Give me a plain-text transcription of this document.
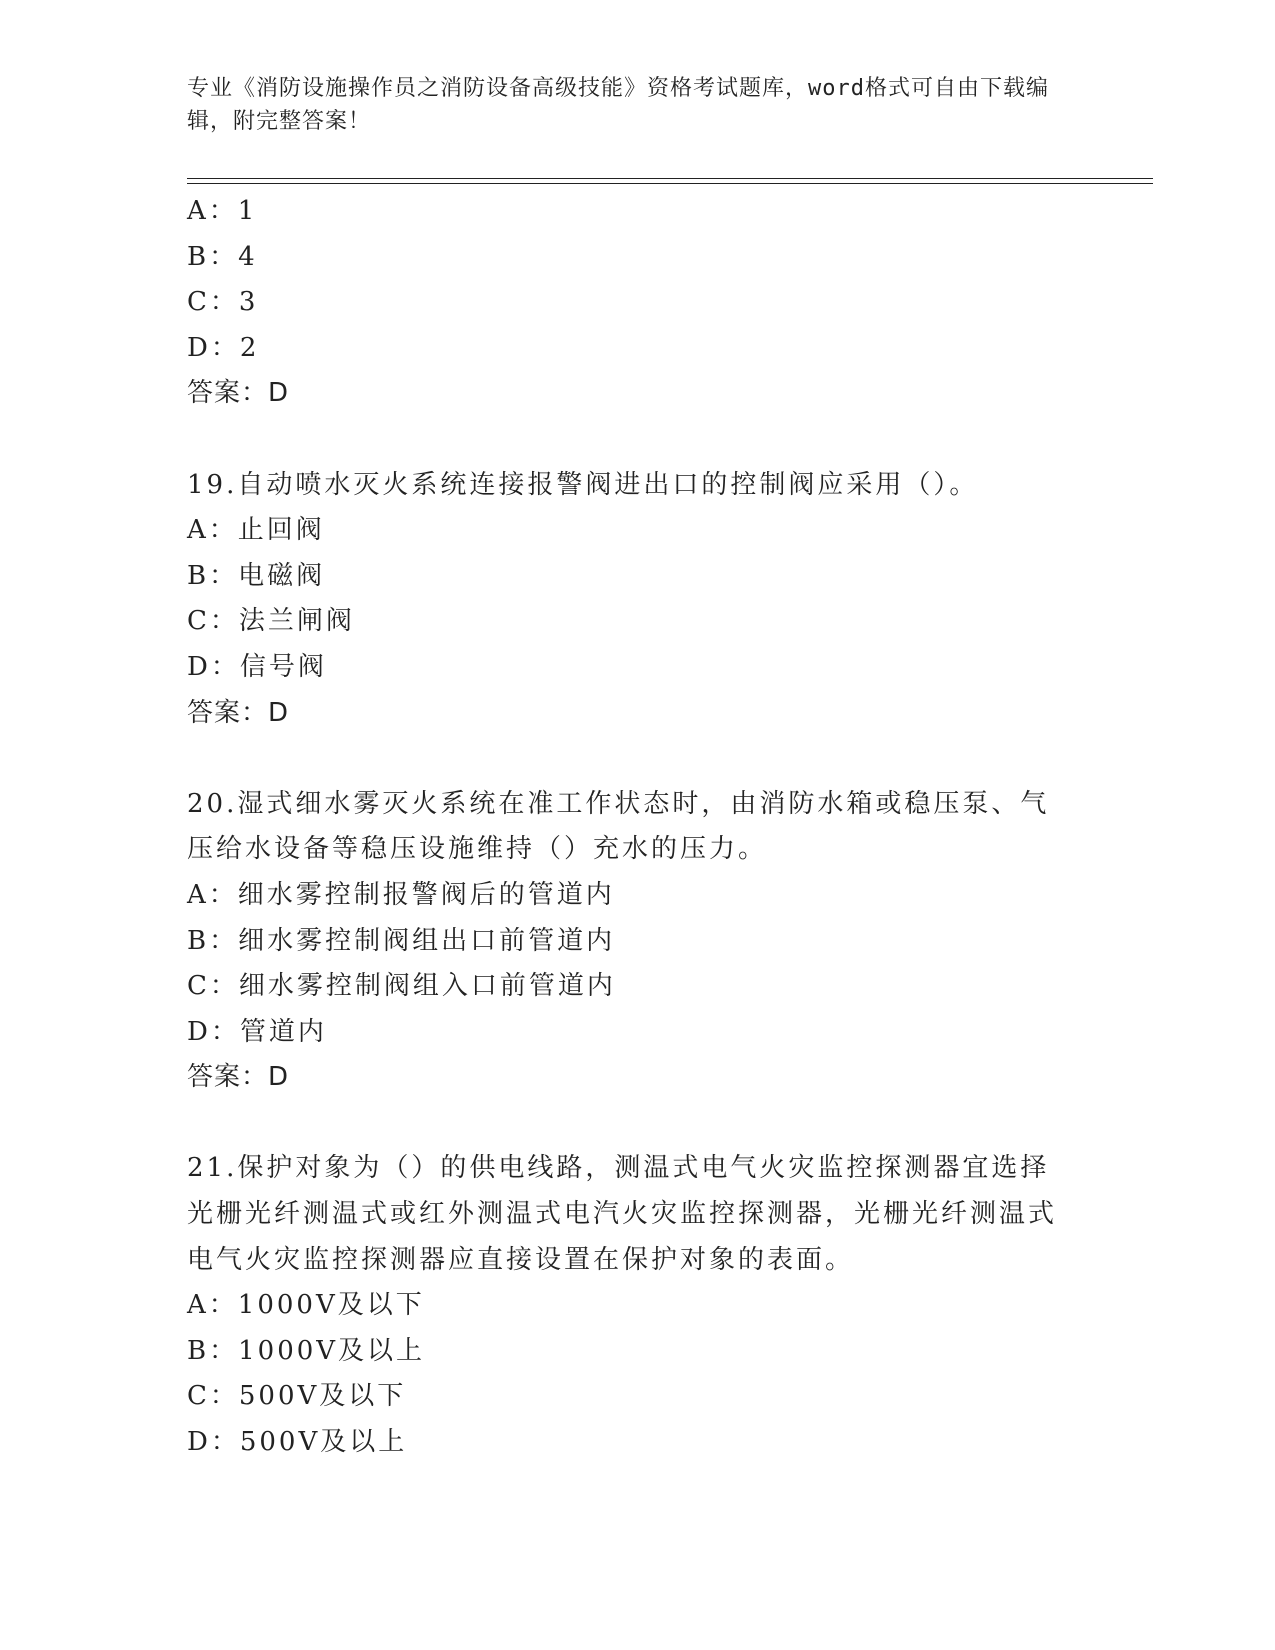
专业《消防设施操作员之消防设备高级技能》资格考试题库，word格式可自由下载编辑，附完整答案！
A：1
B：4
C：3
D：2
答案：D
19.自动喷水灭火系统连接报警阀进出口的控制阀应采用（）。
A：止回阀
B：电磁阀
C：法兰闸阀
D：信号阀
答案：D
20.湿式细水雾灭火系统在准工作状态时，由消防水箱或稳压泵、气压给水设备等稳压设施维持（）充水的压力。
A：细水雾控制报警阀后的管道内
B：细水雾控制阀组出口前管道内
C：细水雾控制阀组入口前管道内
D：管道内
答案：D
21.保护对象为（）的供电线路，测温式电气火灾监控探测器宜选择光栅光纤测温式或红外测温式电汽火灾监控探测器，光栅光纤测温式电气火灾监控探测器应直接设置在保护对象的表面。
A：1000V及以下
B：1000V及以上
C：500V及以下
D：500V及以上
